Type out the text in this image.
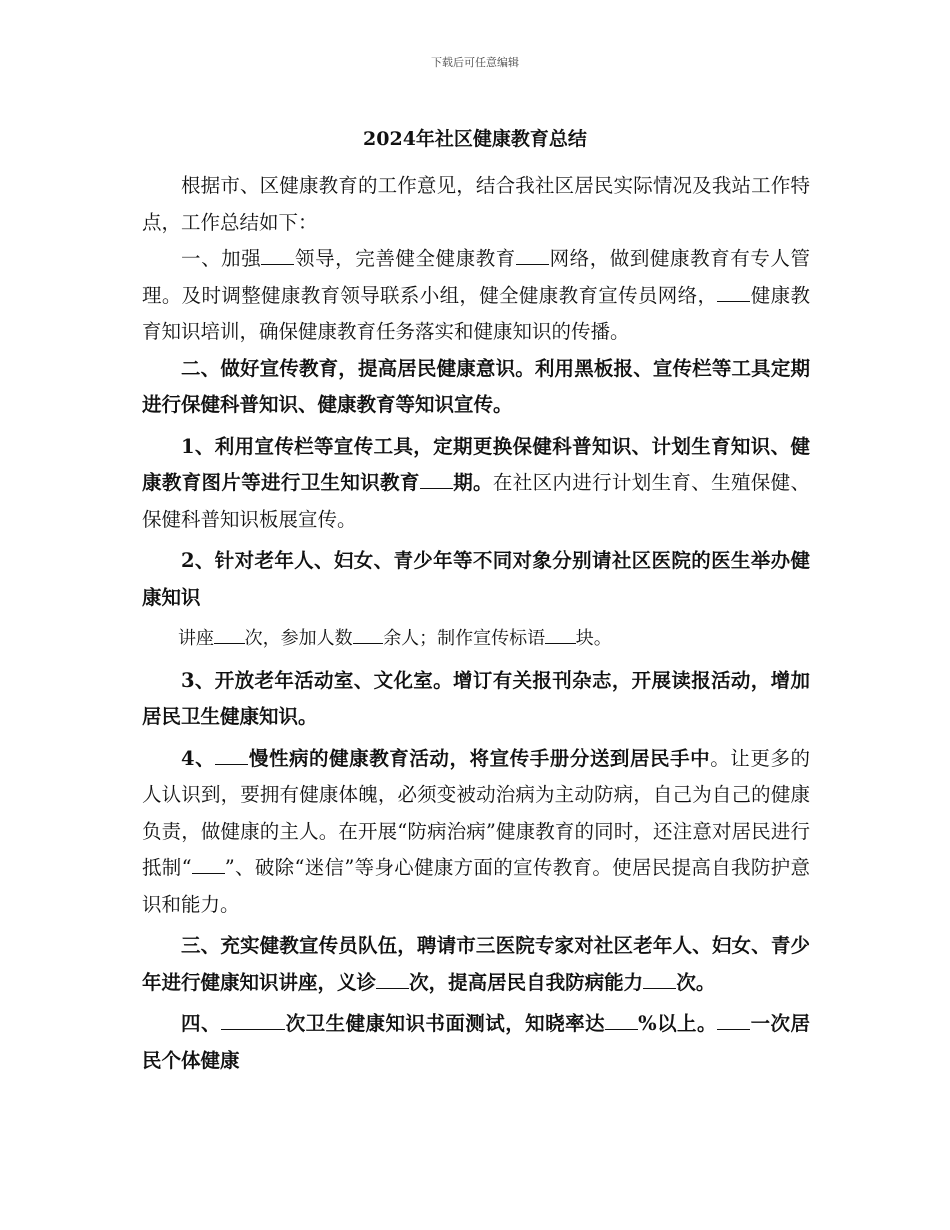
下载后可任意编辑
2024年社区健康教育总结

根据市、区健康教育的工作意见，结合我社区居民实际情况及我站工作特点，工作总结如下：

一、加强 领导，完善健全健康教育 网络，做到健康教育有专人管理。及时调整健康教育领导联系小组，健全健康教育宣传员网络， 健康教育知识培训，确保健康教育任务落实和健康知识的传播。

二、做好宣传教育，提高居民健康意识。利用黑板报、宣传栏等工具定期进行保健科普知识、健康教育等知识宣传。

1、利用宣传栏等宣传工具，定期更换保健科普知识、计划生育知识、健康教育图片等进行卫生知识教育 期。在社区内进行计划生育、生殖保健、保健科普知识板展宣传。

2、针对老年人、妇女、青少年等不同对象分别请社区医院的医生举办健康知识

讲座 次，参加人数 余人；制作宣传标语 块。

3、开放老年活动室、文化室。增订有关报刊杂志，开展读报活动，增加居民卫生健康知识。

4、 慢性病的健康教育活动，将宣传手册分送到居民手中。让更多的人认识到，要拥有健康体魄，必须变被动治病为主动防病，自己为自己的健康负责，做健康的主人。在开展“防病治病”健康教育的同时，还注意对居民进行抵制“ ”、破除“迷信”等身心健康方面的宣传教育。使居民提高自我防护意识和能力。

三、充实健教宣传员队伍，聘请市三医院专家对社区老年人、妇女、青少年进行健康知识讲座，义诊 次，提高居民自我防病能力 次。

四、	次卫生健康知识书面测试，知晓率达 %以上。 一次居民个体健康
